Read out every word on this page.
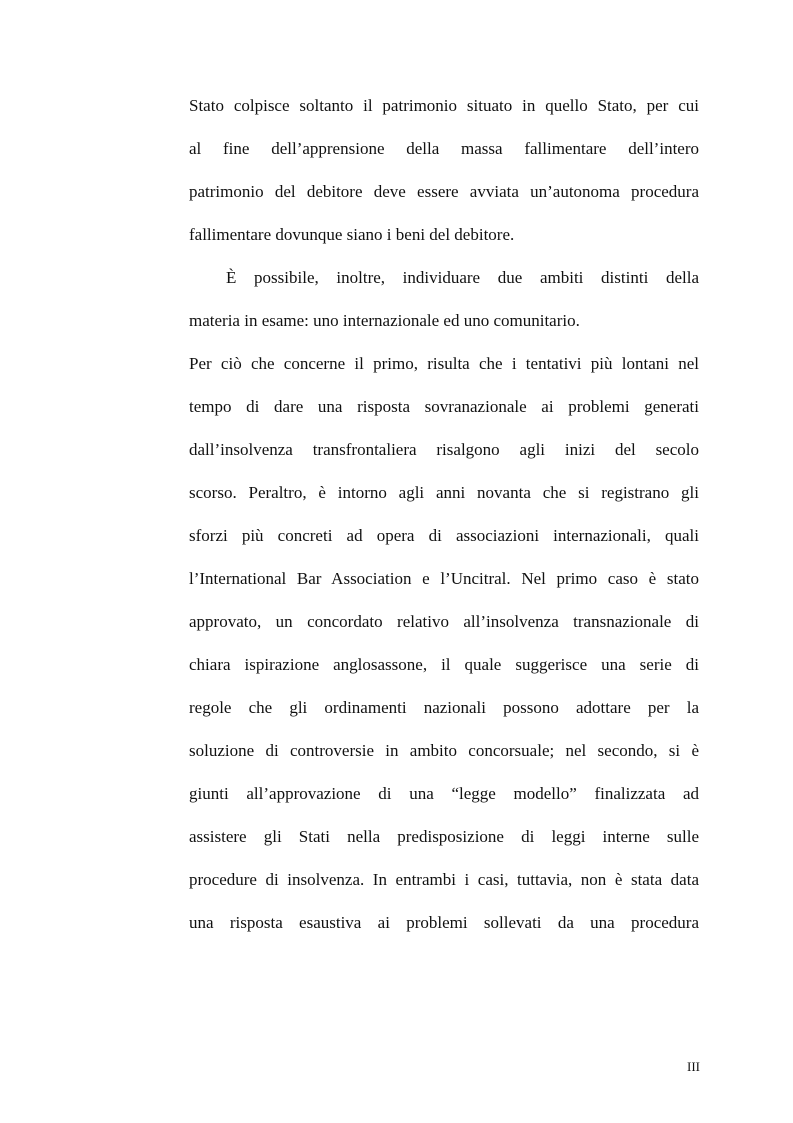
Stato colpisce soltanto il patrimonio situato in quello Stato, per cui
al fine dell’apprensione della massa fallimentare dell’intero
patrimonio del debitore deve essere avviata un’autonoma procedura
fallimentare dovunque siano i beni del debitore.
È possibile, inoltre, individuare due ambiti distinti della
materia in esame: uno internazionale ed uno comunitario.
Per ciò che concerne il primo, risulta che i tentativi più lontani nel
tempo di dare una risposta sovranazionale ai problemi generati
dall’insolvenza transfrontaliera risalgono agli inizi del secolo
scorso. Peraltro, è intorno agli anni novanta che si registrano gli
sforzi più concreti ad opera di associazioni internazionali, quali
l’International Bar Association e l’Uncitral. Nel primo caso è stato
approvato, un concordato relativo all’insolvenza transnazionale di
chiara ispirazione anglosassone, il quale suggerisce una serie di
regole che gli ordinamenti nazionali possono adottare per la
soluzione di controversie in ambito concorsuale; nel secondo, si è
giunti all’approvazione di una “legge modello” finalizzata ad
assistere gli Stati nella predisposizione di leggi interne sulle
procedure di insolvenza. In entrambi i casi, tuttavia, non è stata data
una risposta esaustiva ai problemi sollevati da una procedura
III
